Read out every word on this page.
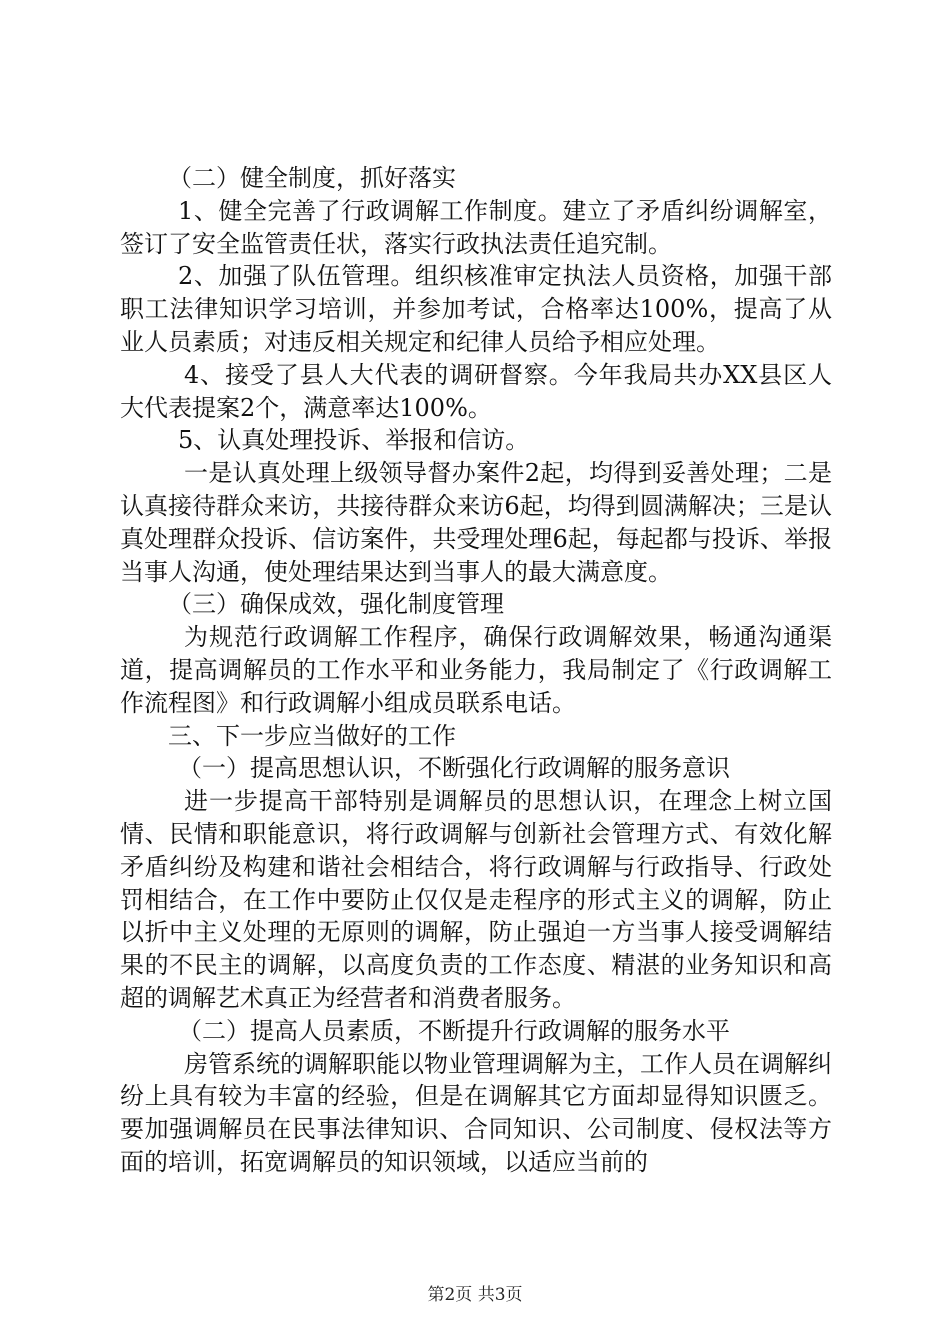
（二）健全制度，抓好落实

1、健全完善了行政调解工作制度。建立了矛盾纠纷调解室，签订了安全监管责任状，落实行政执法责任追究制。

2、加强了队伍管理。组织核准审定执法人员资格，加强干部职工法律知识学习培训，并参加考试，合格率达100%，提高了从业人员素质；对违反相关规定和纪律人员给予相应处理。

4、接受了县人大代表的调研督察。今年我局共办XX县区人大代表提案2个，满意率达100%。

5、认真处理投诉、举报和信访。

一是认真处理上级领导督办案件2起，均得到妥善处理；二是认真接待群众来访，共接待群众来访6起，均得到圆满解决；三是认真处理群众投诉、信访案件，共受理处理6起，每起都与投诉、举报当事人沟通，使处理结果达到当事人的最大满意度。

（三）确保成效，强化制度管理

为规范行政调解工作程序，确保行政调解效果，畅通沟通渠道，提高调解员的工作水平和业务能力，我局制定了《行政调解工作流程图》和行政调解小组成员联系电话。

三、下一步应当做好的工作

（一）提高思想认识，不断强化行政调解的服务意识

进一步提高干部特别是调解员的思想认识，在理念上树立国情、民情和职能意识，将行政调解与创新社会管理方式、有效化解矛盾纠纷及构建和谐社会相结合，将行政调解与行政指导、行政处罚相结合，在工作中要防止仅仅是走程序的形式主义的调解，防止以折中主义处理的无原则的调解，防止强迫一方当事人接受调解结果的不民主的调解，以高度负责的工作态度、精湛的业务知识和高超的调解艺术真正为经营者和消费者服务。

（二）提高人员素质，不断提升行政调解的服务水平

房管系统的调解职能以物业管理调解为主，工作人员在调解纠纷上具有较为丰富的经验，但是在调解其它方面却显得知识匮乏。要加强调解员在民事法律知识、合同知识、公司制度、侵权法等方面的培训，拓宽调解员的知识领域，以适应当前的

第2页 共3页
